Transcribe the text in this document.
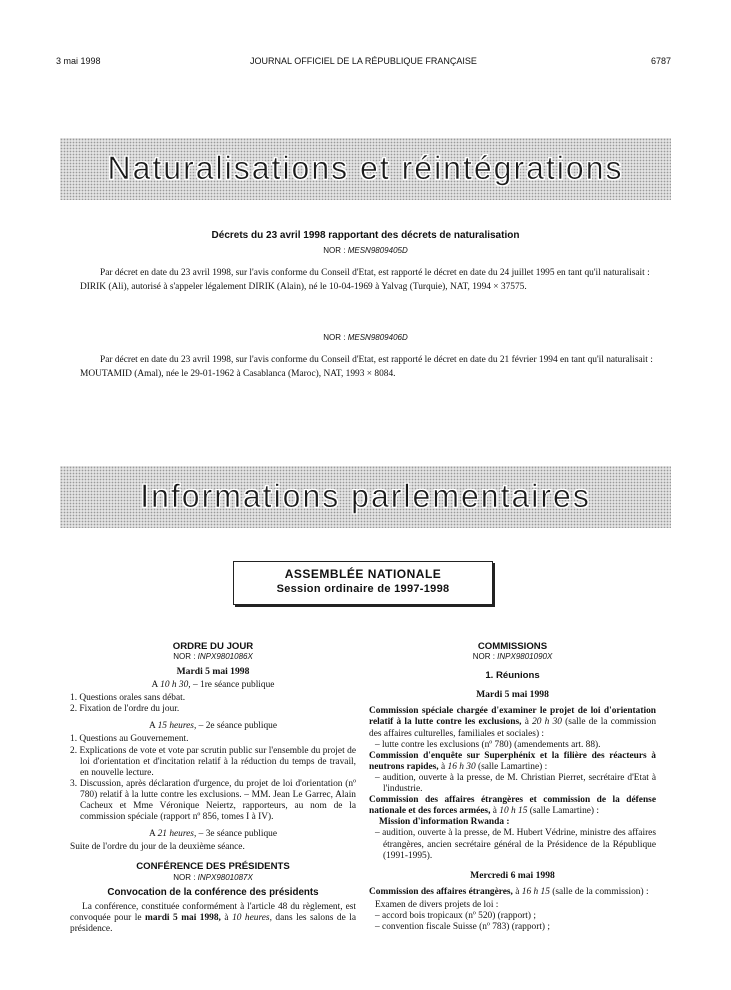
3 mai 1998	JOURNAL OFFICIEL DE LA RÉPUBLIQUE FRANÇAISE	6787
Naturalisations et réintégrations
Décrets du 23 avril 1998 rapportant des décrets de naturalisation
NOR : MESN9809405D
Par décret en date du 23 avril 1998, sur l'avis conforme du Conseil d'Etat, est rapporté le décret en date du 24 juillet 1995 en tant qu'il naturalisait :
DIRIK (Ali), autorisé à s'appeler légalement DIRIK (Alain), né le 10-04-1969 à Yalvag (Turquie), NAT, 1994 × 37575.
NOR : MESN9809406D
Par décret en date du 23 avril 1998, sur l'avis conforme du Conseil d'Etat, est rapporté le décret en date du 21 février 1994 en tant qu'il naturalisait :
MOUTAMID (Amal), née le 29-01-1962 à Casablanca (Maroc), NAT, 1993 × 8084.
Informations parlementaires
ASSEMBLÉE NATIONALE
Session ordinaire de 1997-1998
ORDRE DU JOUR
NOR : INPX9801086X
Mardi 5 mai 1998
A 10 h 30, – 1re séance publique

1. Questions orales sans débat.

2. Fixation de l'ordre du jour.

A 15 heures, – 2e séance publique

1. Questions au Gouvernement.

2. Explications de vote et vote par scrutin public sur l'ensemble du projet de loi d'orientation et d'incitation relatif à la réduction du temps de travail, en nouvelle lecture.

3. Discussion, après déclaration d'urgence, du projet de loi d'orientation (nº 780) relatif à la lutte contre les exclusions. – MM. Jean Le Garrec, Alain Cacheux et Mme Véronique Neiertz, rapporteurs, au nom de la commission spéciale (rapport nº 856, tomes I à IV).

A 21 heures, – 3e séance publique

Suite de l'ordre du jour de la deuxième séance.

CONFÉRENCE DES PRÉSIDENTS
NOR : INPX9801087X
Convocation de la conférence des présidents

La conférence, constituée conformément à l'article 48 du règlement, est convoquée pour le mardi 5 mai 1998, à 10 heures, dans les salons de la présidence.

COMMISSIONS
NOR : INPX9801090X
1. Réunions
Mardi 5 mai 1998

Commission spéciale chargée d'examiner le projet de loi d'orientation relatif à la lutte contre les exclusions, à 20 h 30 (salle de la commission des affaires culturelles, familiales et sociales) :

– lutte contre les exclusions (nº 780) (amendements art. 88).

Commission d'enquête sur Superphénix et la filière des réacteurs à neutrons rapides, à 16 h 30 (salle Lamartine) :

– audition, ouverte à la presse, de M. Christian Pierret, secrétaire d'Etat à l'industrie.

Commission des affaires étrangères et commission de la défense nationale et des forces armées, à 10 h 15 (salle Lamartine) :

Mission d'information Rwanda :

– audition, ouverte à la presse, de M. Hubert Védrine, ministre des affaires étrangères, ancien secrétaire général de la Présidence de la République (1991-1995).

Mercredi 6 mai 1998

Commission des affaires étrangères, à 16 h 15 (salle de la commission) :

Examen de divers projets de loi :

– accord bois tropicaux (nº 520) (rapport) ;

– convention fiscale Suisse (nº 783) (rapport) ;
